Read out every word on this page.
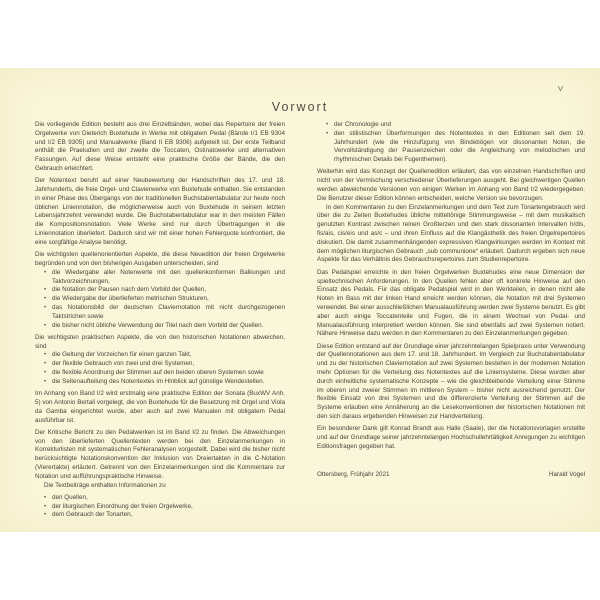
V
Vorwort

Die vorliegende Edition besteht aus drei Einzelbänden, wobei das Repertoire der freien Orgelwerke von Dieterich Buxtehude in Werke mit obligatem Pedal (Bände I/1 EB 9304 und I/2 EB 9305) und Manualwerke (Band II EB 9306) aufgeteilt ist. Der erste Teilband enthält die Praeludien und der zweite die Toccaten, Ostinatowerke und alternativen Fassungen. Auf diese Weise entsteht eine praktische Größe der Bände, die den Gebrauch erleichtert.

Der Notentext beruht auf einer Neubewertung der Handschriften des 17. und 18. Jahrhunderts, die freie Orgel- und Clavierwerke von Buxtehude enthalten. Sie entstanden in einer Phase des Übergangs von der traditionellen Buchstabentabulatur zur heute noch üblichen Liniennotation, die möglicherweise auch von Buxtehude in seinem letzten Lebensjahrzehnt verwendet wurde. Die Buchstabentabulatur war in den meisten Fällen die Kompositionsnotation. Viele Werke sind nur durch Übertragungen in die Liniennotation überliefert. Dadurch sind wir mit einer hohen Fehlerquote konfrontiert, die eine sorgfältige Analyse benötigt.

Die wichtigsten quellenorientierten Aspekte, die diese Neuedition der freien Orgelwerke begründen und von den bisherigen Ausgaben unterscheiden, sind

• die Wiedergabe aller Notenwerte mit den quellenkonformen Balkungen und Taktvorzeichnungen,
• die Notation der Pausen nach dem Vorbild der Quellen,
• die Wiedergabe der überlieferten metrischen Strukturen,
• das Notationsbild der deutschen Claviernotation mit nicht durchgezogenen Taktstrichen sowie
• die bisher nicht übliche Verwendung der Titel nach dem Vorbild der Quellen.

Die wichtigsten praktischen Aspekte, die von den historischen Notationen abweichen, sind

• die Geltung der Vorzeichen für einen ganzen Takt,
• der flexible Gebrauch von zwei und drei Systemen,
• die flexible Anordnung der Stimmen auf den beiden oberen Systemen sowie
• die Seitenaufteilung des Notentextes im Hinblick auf günstige Wendestellen.

Im Anhang von Band I/2 wird erstmalig eine praktische Edition der Sonata (BuxWV Anh. 5) von Antonio Bertali vorgelegt, die von Buxtehude für die Besetzung mit Orgel und Viola da Gamba eingerichtet wurde, aber auch auf zwei Manualen mit obligatem Pedal ausführbar ist.

Der Kritische Bericht zu den Pedalwerken ist im Band I/2 zu finden. Die Abweichungen von den überlieferten Quellentexten werden bei den Einzelanmerkungen in Korrekturlisten mit systematischen Fehleranalysen vorgestellt. Dabei wird die bisher nicht berücksichtigte Notationskonvention der Inklusion von Dreiertakten in die C-Notation (Vierertakte) erläutert. Getrennt von den Einzelanmerkungen sind die Kommentare zur Notation und aufführungspraktische Hinweise.

Die Textbeiträge enthalten Informationen zu

• den Quellen,
• der liturgischen Einordnung der freien Orgelwerke,
• dem Gebrauch der Tonarten,
• der Chronologie und
• den stilistischen Überformungen des Notentextes in den Editionen seit dem 19. Jahrhundert (wie die Hinzufügung von Bindebögen vor dissonanten Noten, die Vervollständigung der Pausenzeichen oder die Angleichung von melodischen und rhythmischen Details bei Fugenthemen).

Weiterhin wird das Konzept der Quellenedition erläutert, das von einzelnen Handschriften und nicht von der Vermischung verschiedener Überlieferungen ausgeht. Bei gleichwertigen Quellen werden abweichende Versionen von einigen Werken im Anhang von Band I/2 wiedergegeben. Die Benutzer dieser Edition können entscheiden, welche Version sie bevorzugen.

In den Kommentaren zu den Einzelanmerkungen und dem Text zum Tonartengebrauch wird über die zu Zeiten Buxtehudes übliche mitteltönige Stimmungsweise – mit dem musikalisch genutzten Kontrast zwischen reinen Großterzen und den stark dissonanten Intervallen h/dis, fis/ais, cis/eis und as/c – und ihren Einfluss auf die Klangästhetik des freien Orgelrepertoires diskutiert. Die damit zusammenhängenden expressiven Klangwirkungen werden im Kontext mit dem möglichen liturgischen Gebrauch „sub communione“ erläutert. Dadurch ergeben sich neue Aspekte für das Verhältnis des Gebrauchsrepertoires zum Studienrepertoire.

Das Pedalspiel erreichte in den freien Orgelwerken Buxtehudes eine neue Dimension der spieltechnischen Anforderungen. In den Quellen fehlen aber oft konkrete Hinweise auf den Einsatz des Pedals. Für das obligate Pedalspiel wird in den Werkteilen, in denen nicht alle Noten im Bass mit der linken Hand erreicht werden können, die Notation mit drei Systemen verwendet. Bei einer ausschließlichen Manualausführung werden zwei Systeme benutzt. Es gibt aber auch einige Toccatenteile und Fugen, die in einem Wechsel von Pedal- und Manualausführung interpretiert werden können. Sie sind ebenfalls auf zwei Systemen notiert. Nähere Hinweise dazu werden in den Kommentaren zu den Einzelanmerkungen gegeben.

Diese Edition entstand auf der Grundlage einer jahrzehntelangen Spielpraxis unter Verwendung der Quellennotationen aus dem 17. und 18. Jahrhundert. Im Vergleich zur Buchstabentabulatur und zu der historischen Claviernotation auf zwei Systemen bestehen in der modernen Notation mehr Optionen für die Verteilung des Notentextes auf die Liniensysteme. Diese wurden aber durch einheitliche systematische Konzepte – wie die gleichbleibende Verteilung einer Stimme im oberen und zweier Stimmen im mittleren System – bisher nicht ausreichend genutzt. Der flexible Einsatz von drei Systemen und die differenzierte Verteilung der Stimmen auf die Systeme erlauben eine Annäherung an die Lesekonventionen der historischen Notationen mit den sich daraus ergebenden Hinweisen zur Handverteilung.

Ein besonderer Dank gilt Konrad Brandt aus Halle (Saale), der die Notationsvorlagen erstellte und auf der Grundlage seiner jahrzehntelangen Hochschullehrtätigkeit Anregungen zu wichtigen Editionsfragen gegeben hat.

Ottersberg, Frühjahr 2021	Harald Vogel
